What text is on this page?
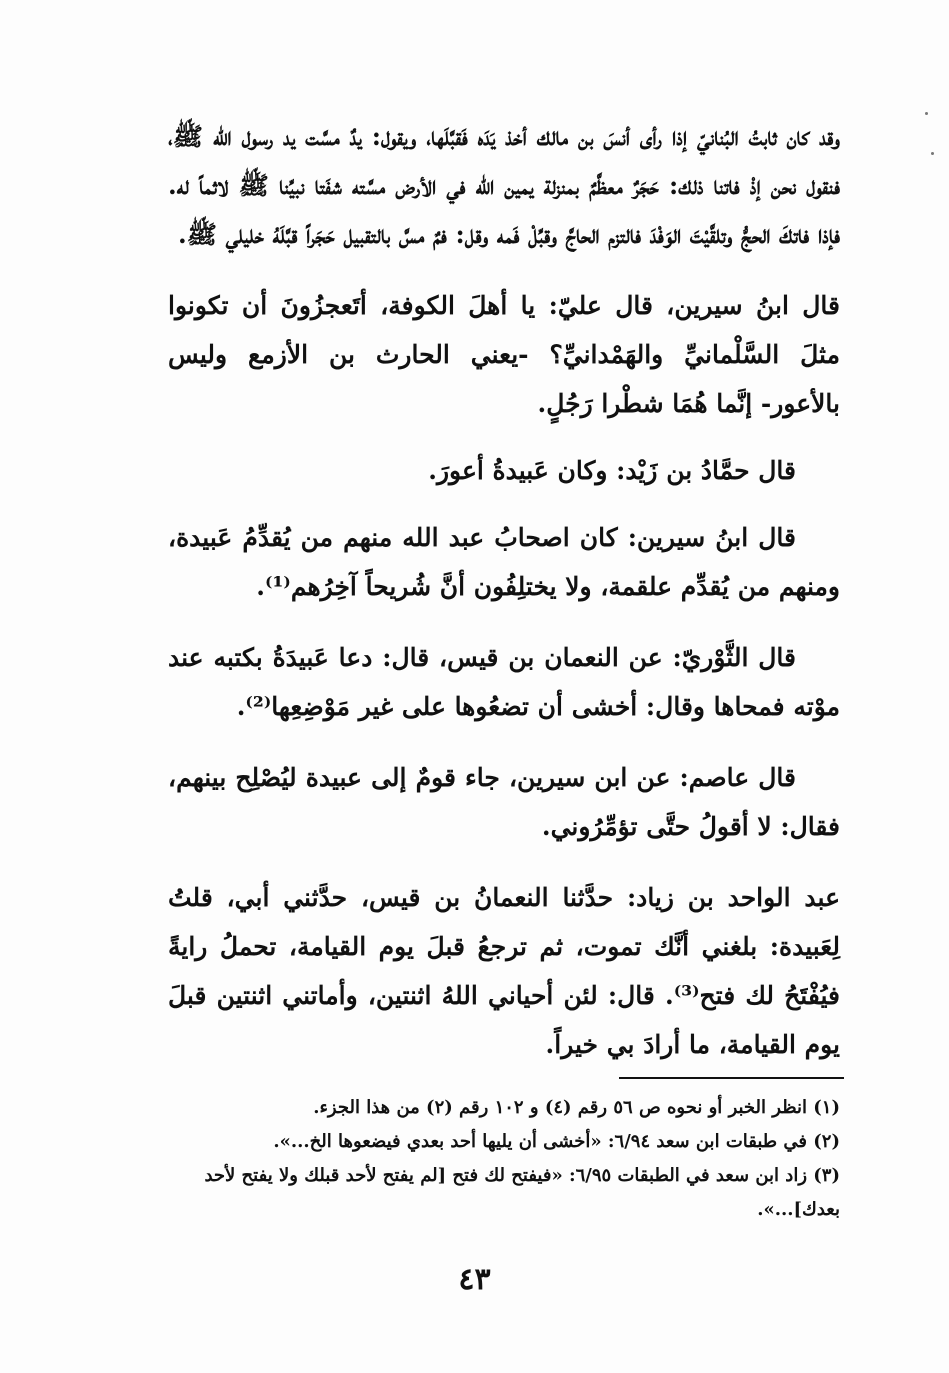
وقد كان ثابتُ البُنانيّ إذا رأى أنسَ بن مالك أخذ يَدَه فَقبَّلَها، ويقول: يدٌ مسَّت يد رسول الله ﷺ، فنقول نحن إذْ فاتنا ذلك: حَجَرٌ معظَّمٌ بمنزلة يمين الله في الأرض مسَّته شفَتا نبيِّنا ﷺ لاثماً له. فإذا فاتكَ الحجُّ وتلقَّيْتَ الوَفْدَ فالتزم الحاجَّ وقبِّلْ فَمه وقل: فمٌ مسَّ بالتقبيل حَجَراً قبَّلَهُ خليلي ﷺ.

قال ابنُ سيرين، قال عليّ: يا أهلَ الكوفة، أتَعجزُونَ أن تكونوا مثلَ السَّلْمانيِّ والهَمْدانيِّ؟ -يعني الحارث بن الأزمع وليس بالأعور- إنَّما هُمَا شطْرا رَجُلٍ.

قال حمَّادُ بن زَيْد: وكان عَبيدةُ أعورَ.

قال ابنُ سيرين: كان اصحابُ عبد الله منهم من يُقدِّمُ عَبيدة، ومنهم من يُقدِّم علقمة، ولا يختلِفُون أنَّ شُريحاً آخِرُهم⁽¹⁾.

قال الثَّوْريّ: عن النعمان بن قيس، قال: دعا عَبيدَةُ بكتبه عند موْته فمحاها وقال: أخشى أن تضعُوها على غير مَوْضِعِها⁽²⁾.

قال عاصم: عن ابن سيرين، جاء قومٌ إلى عبيدة ليُصْلِح بينهم، فقال: لا أقولُ حتَّى تؤمِّرُوني.

عبد الواحد بن زياد: حدَّثنا النعمانُ بن قيس، حدَّثني أبي، قلتُ لِعَبيدة: بلغني أنَّك تموت، ثم ترجعُ قبلَ يوم القيامة، تحملُ رايةً فيُفْتَحُ لك فتح⁽³⁾. قال: لئن أحياني اللهُ اثنتين، وأماتني اثنتين قبلَ يوم القيامة، ما أرادَ بي خيراً.

(١) انظر الخبر أو نحوه ص ٥٦ رقم (٤) و ١٠٢ رقم (٢) من هذا الجزء.

(٢) في طبقات ابن سعد ٦/٩٤: «أخشى أن يليها أحد بعدي فيضعوها الخ...».

(٣) زاد ابن سعد في الطبقات ٦/٩٥: «فيفتح لك فتح [لم يفتح لأحد قبلك ولا يفتح لأحد بعدك]...».

٤٣
